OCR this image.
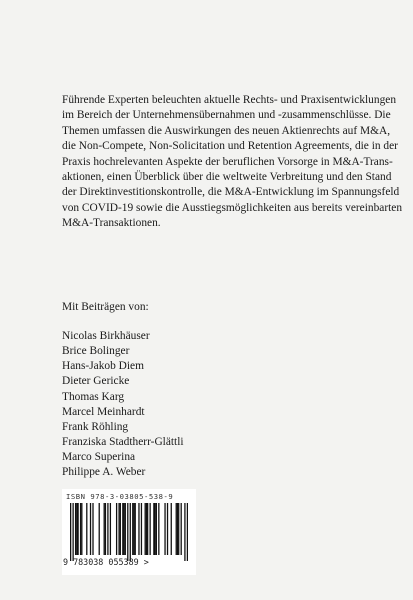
Führende Experten beleuchten aktuelle Rechts- und Praxisentwicklungen

im Bereich der Unternehmensübernahmen und -zusammenschlüsse. Die

Themen umfassen die Auswirkungen des neuen Aktienrechts auf M&A,

die Non-Compete, Non-Solicitation und Retention Agreements, die in der

Praxis hochrelevanten Aspekte der beruflichen Vorsorge in M&A-Trans-

aktionen, einen Überblick über die weltweite Verbreitung und den Stand

der Direktinvestitionskontrolle, die M&A-Entwicklung im Spannungsfeld

von COVID-19 sowie die Ausstiegsmöglichkeiten aus bereits vereinbarten

M&A-Transaktionen.

Mit Beiträgen von:

Nicolas Birkhäuser
Brice Bolinger
Hans-Jakob Diem
Dieter Gericke
Thomas Karg
Marcel Meinhardt
Frank Röhling
Franziska Stadtherr-Glättli
Marco Superina
Philippe A. Weber
ISBN 978-3-03805-538-9
9 783038 055389 >
